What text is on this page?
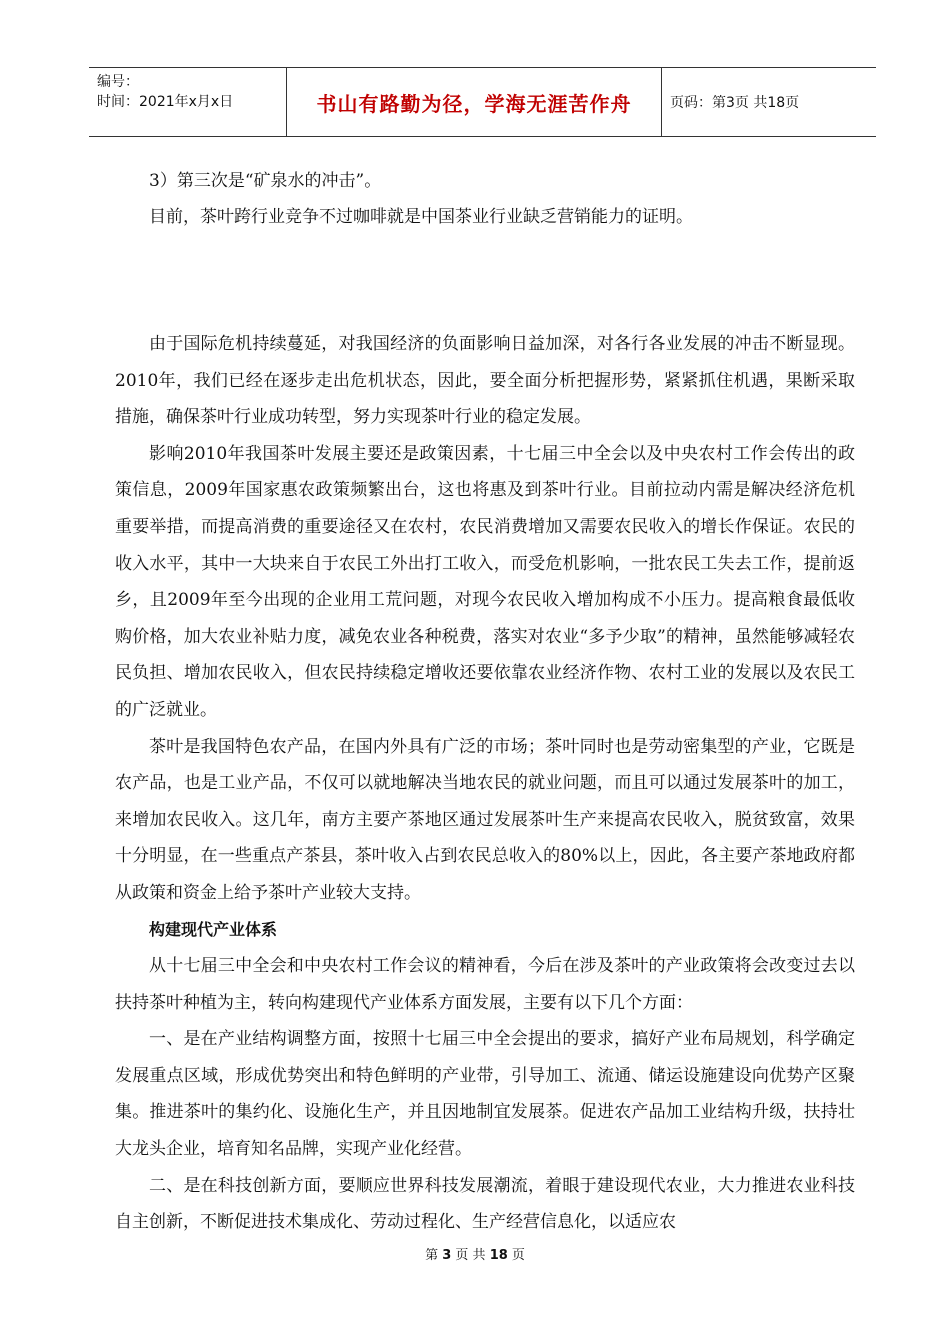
编号：
时间：2021年x月x日	书山有路勤为径，学海无涯苦作舟	页码：第3页 共18页

3）第三次是“矿泉水的冲击”。

目前，茶叶跨行业竞争不过咖啡就是中国茶业行业缺乏营销能力的证明。

由于国际危机持续蔓延，对我国经济的负面影响日益加深，对各行各业发展的冲击不断显现。2010年，我们已经在逐步走出危机状态，因此，要全面分析把握形势，紧紧抓住机遇，果断采取措施，确保茶叶行业成功转型，努力实现茶叶行业的稳定发展。

影响2010年我国茶叶发展主要还是政策因素，十七届三中全会以及中央农村工作会传出的政策信息，2009年国家惠农政策频繁出台，这也将惠及到茶叶行业。目前拉动内需是解决经济危机重要举措，而提高消费的重要途径又在农村，农民消费增加又需要农民收入的增长作保证。农民的收入水平，其中一大块来自于农民工外出打工收入，而受危机影响，一批农民工失去工作，提前返乡，且2009年至今出现的企业用工荒问题，对现今农民收入增加构成不小压力。提高粮食最低收购价格，加大农业补贴力度，减免农业各种税费，落实对农业“多予少取”的精神，虽然能够减轻农民负担、增加农民收入，但农民持续稳定增收还要依靠农业经济作物、农村工业的发展以及农民工的广泛就业。

茶叶是我国特色农产品，在国内外具有广泛的市场；茶叶同时也是劳动密集型的产业，它既是农产品，也是工业产品，不仅可以就地解决当地农民的就业问题，而且可以通过发展茶叶的加工，来增加农民收入。这几年，南方主要产茶地区通过发展茶叶生产来提高农民收入，脱贫致富，效果十分明显，在一些重点产茶县，茶叶收入占到农民总收入的80%以上，因此，各主要产茶地政府都从政策和资金上给予茶叶产业较大支持。

构建现代产业体系

从十七届三中全会和中央农村工作会议的精神看，今后在涉及茶叶的产业政策将会改变过去以扶持茶叶种植为主，转向构建现代产业体系方面发展，主要有以下几个方面：

一、是在产业结构调整方面，按照十七届三中全会提出的要求，搞好产业布局规划，科学确定发展重点区域，形成优势突出和特色鲜明的产业带，引导加工、流通、储运设施建设向优势产区聚集。推进茶叶的集约化、设施化生产，并且因地制宜发展茶。促进农产品加工业结构升级，扶持壮大龙头企业，培育知名品牌，实现产业化经营。

二、是在科技创新方面，要顺应世界科技发展潮流，着眼于建设现代农业，大力推进农业科技自主创新，不断促进技术集成化、劳动过程化、生产经营信息化，以适应农

第 3 页 共 18 页
